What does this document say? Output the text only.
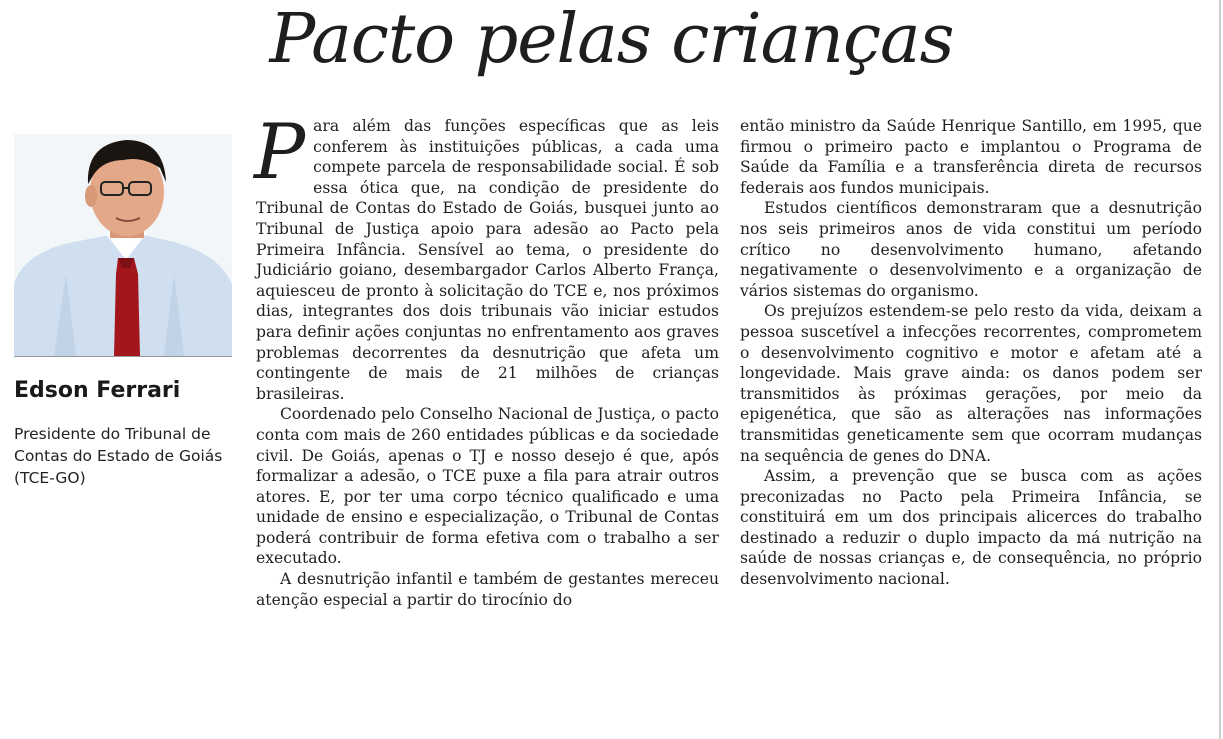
Pacto pelas crianças
Edson Ferrari
Presidente do Tribunal de Contas do Estado de Goiás (TCE-GO)

Para além das funções específicas que as leis conferem às instituições públicas, a cada uma compete parcela de responsabilidade social. É sob essa ótica que, na condição de presidente do Tribunal de Contas do Estado de Goiás, busquei junto ao Tribunal de Justiça apoio para adesão ao Pacto pela Primeira Infância. Sensível ao tema, o presidente do Judiciário goiano, desembargador Carlos Alberto França, aquiesceu de pronto à solicitação do TCE e, nos próximos dias, integrantes dos dois tribunais vão iniciar estudos para definir ações conjuntas no enfrentamento aos graves problemas decorrentes da desnutrição que afeta um contingente de mais de 21 milhões de crianças brasileiras.

Coordenado pelo Conselho Nacional de Justiça, o pacto conta com mais de 260 entidades públicas e da sociedade civil. De Goiás, apenas o TJ e nosso desejo é que, após formalizar a adesão, o TCE puxe a fila para atrair outros atores. E, por ter uma corpo técnico qualificado e uma unidade de ensino e especialização, o Tribunal de Contas poderá contribuir de forma efetiva com o trabalho a ser executado.

A desnutrição infantil e também de gestantes mereceu atenção especial a partir do tirocínio do

então ministro da Saúde Henrique Santillo, em 1995, que firmou o primeiro pacto e implantou o Programa de Saúde da Família e a transferência direta de recursos federais aos fundos municipais.

Estudos científicos demonstraram que a desnutrição nos seis primeiros anos de vida constitui um período crítico no desenvolvimento humano, afetando negativamente o desenvolvimento e a organização de vários sistemas do organismo.

Os prejuízos estendem-se pelo resto da vida, deixam a pessoa suscetível a infecções recorrentes, comprometem o desenvolvimento cognitivo e motor e afetam até a longevidade. Mais grave ainda: os danos podem ser transmitidos às próximas gerações, por meio da epigenética, que são as alterações nas informações transmitidas geneticamente sem que ocorram mudanças na sequência de genes do DNA.

Assim, a prevenção que se busca com as ações preconizadas no Pacto pela Primeira Infância, se constituirá em um dos principais alicerces do trabalho destinado a reduzir o duplo impacto da má nutrição na saúde de nossas crianças e, de consequência, no próprio desenvolvimento nacional.
